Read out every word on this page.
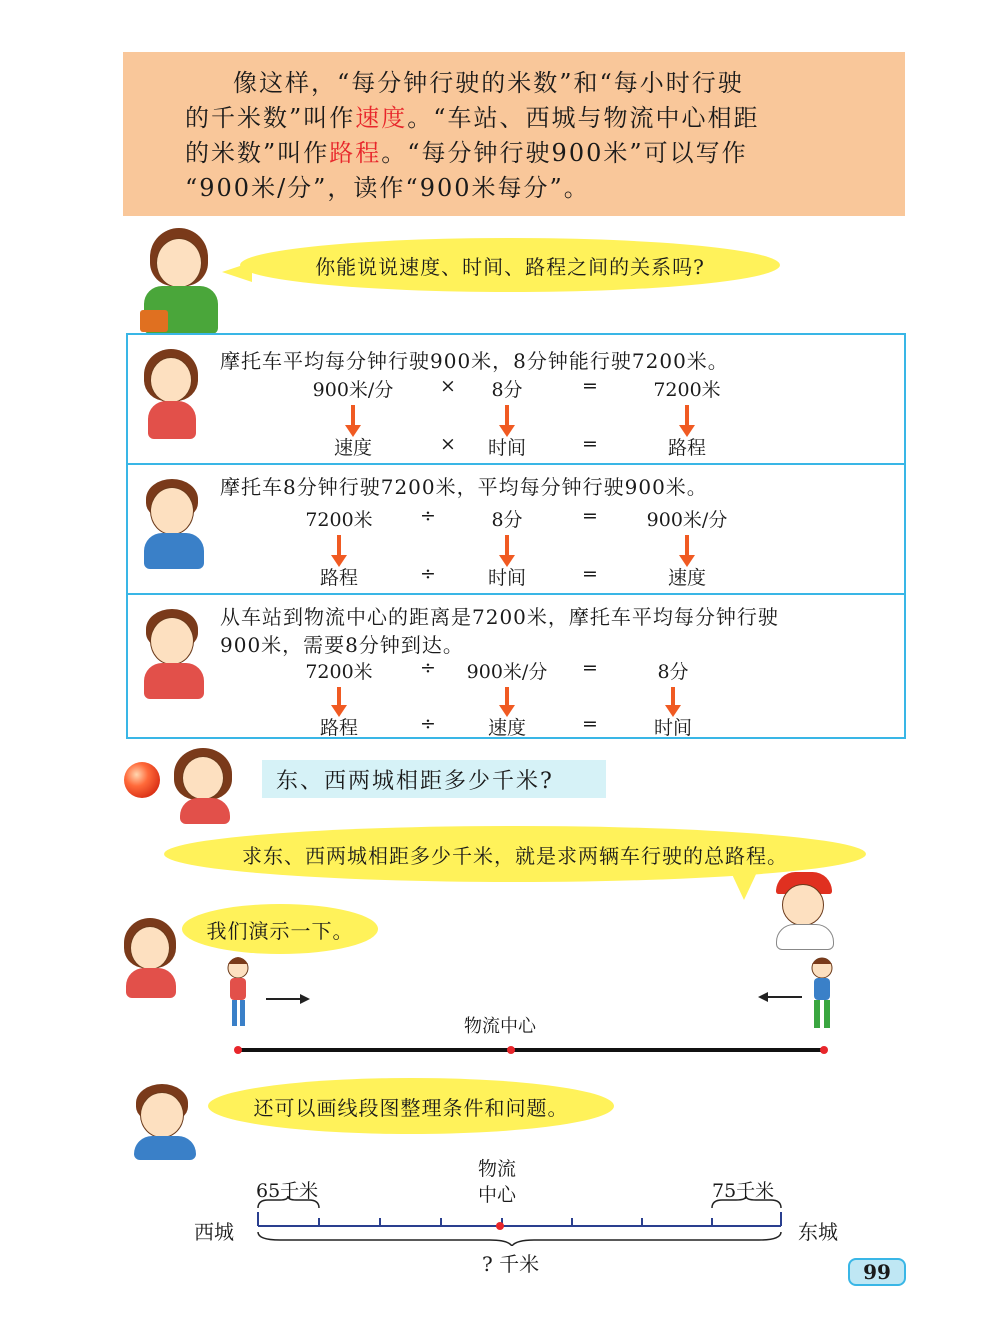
像这样，“每分钟行驶的米数”和“每小时行驶

的千米数”叫作速度。“车站、西城与物流中心相距

的米数”叫作路程。“每分钟行驶900米”可以写作

“900米/分”，读作“900米每分”。

你能说说速度、时间、路程之间的关系吗?
摩托车平均每分钟行驶900米，8分钟能行驶7200米。
900米/分	×	8分	=	7200米
速度	×	时间	=	路程
摩托车8分钟行驶7200米，平均每分钟行驶900米。
7200米	÷	8分	=	900米/分
路程	÷	时间	=	速度
从车站到物流中心的距离是7200米，摩托车平均每分钟行驶
900米，需要8分钟到达。
7200米	÷	900米/分	=	8分
路程	÷	速度	=	时间
东、西两城相距多少千米?
求东、西两城相距多少千米，就是求两辆车行驶的总路程。
我们演示一下。
物流中心
还可以画线段图整理条件和问题。
65千米	75千米
物流
中心
西城	东城
? 千米	99
